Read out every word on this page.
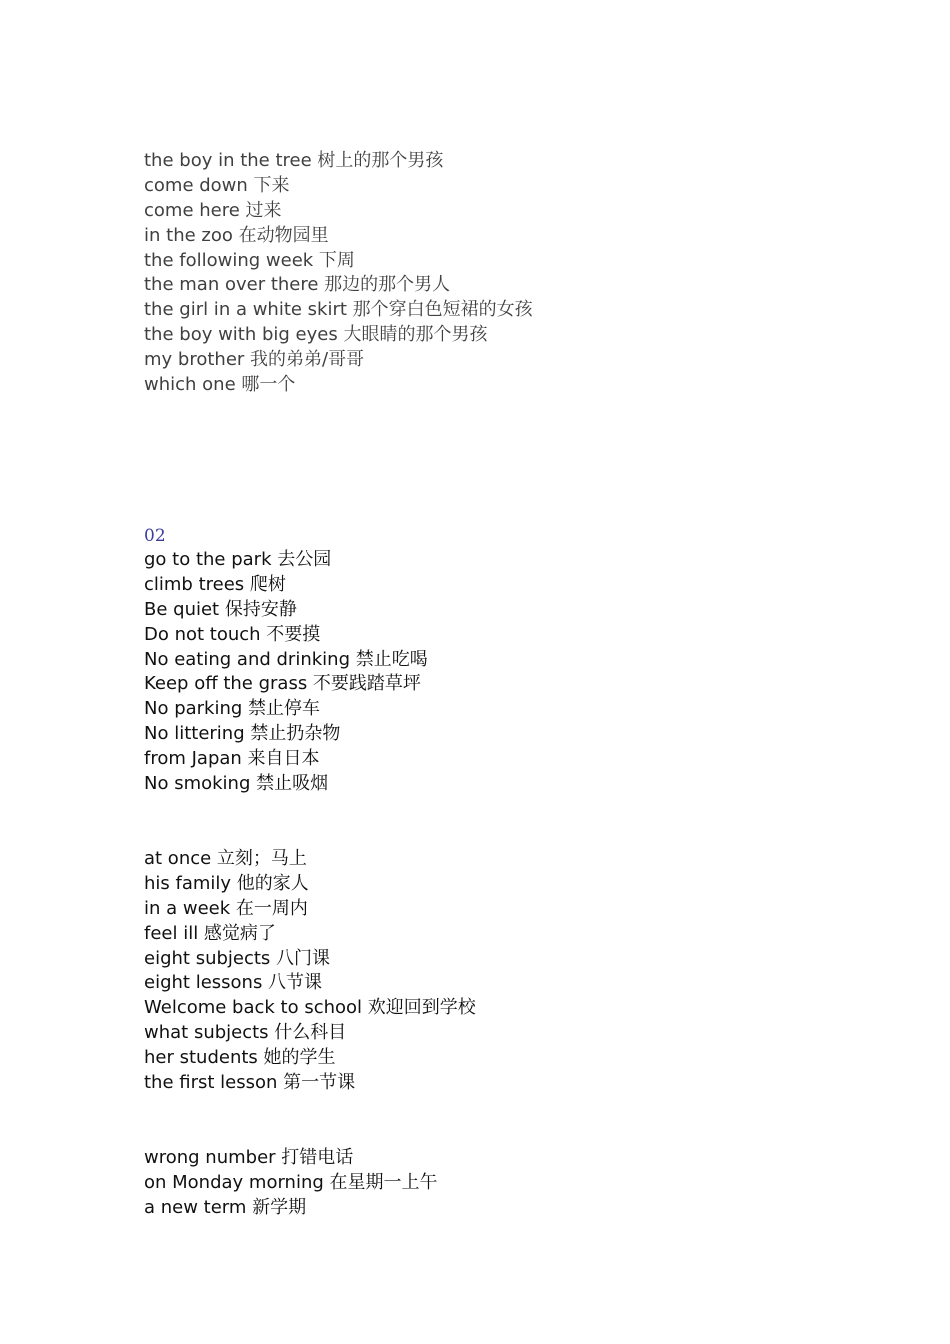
the boy in the tree 树上的那个男孩
come down 下来
come here 过来
in the zoo 在动物园里
the following week 下周
the man over there 那边的那个男人
the girl in a white skirt 那个穿白色短裙的女孩
the boy with big eyes 大眼睛的那个男孩
my brother 我的弟弟/哥哥
which one 哪一个
02
go to the park 去公园
climb trees 爬树
Be quiet 保持安静
Do not touch 不要摸
No eating and drinking 禁止吃喝
Keep off the grass 不要践踏草坪
No parking 禁止停车
No littering 禁止扔杂物
from Japan 来自日本
No smoking 禁止吸烟
at once 立刻；马上
his family 他的家人
in a week 在一周内
feel ill 感觉病了
eight subjects 八门课
eight lessons 八节课
Welcome back to school 欢迎回到学校
what subjects 什么科目
her students 她的学生
the first lesson 第一节课
wrong number 打错电话
on Monday morning 在星期一上午
a new term 新学期
